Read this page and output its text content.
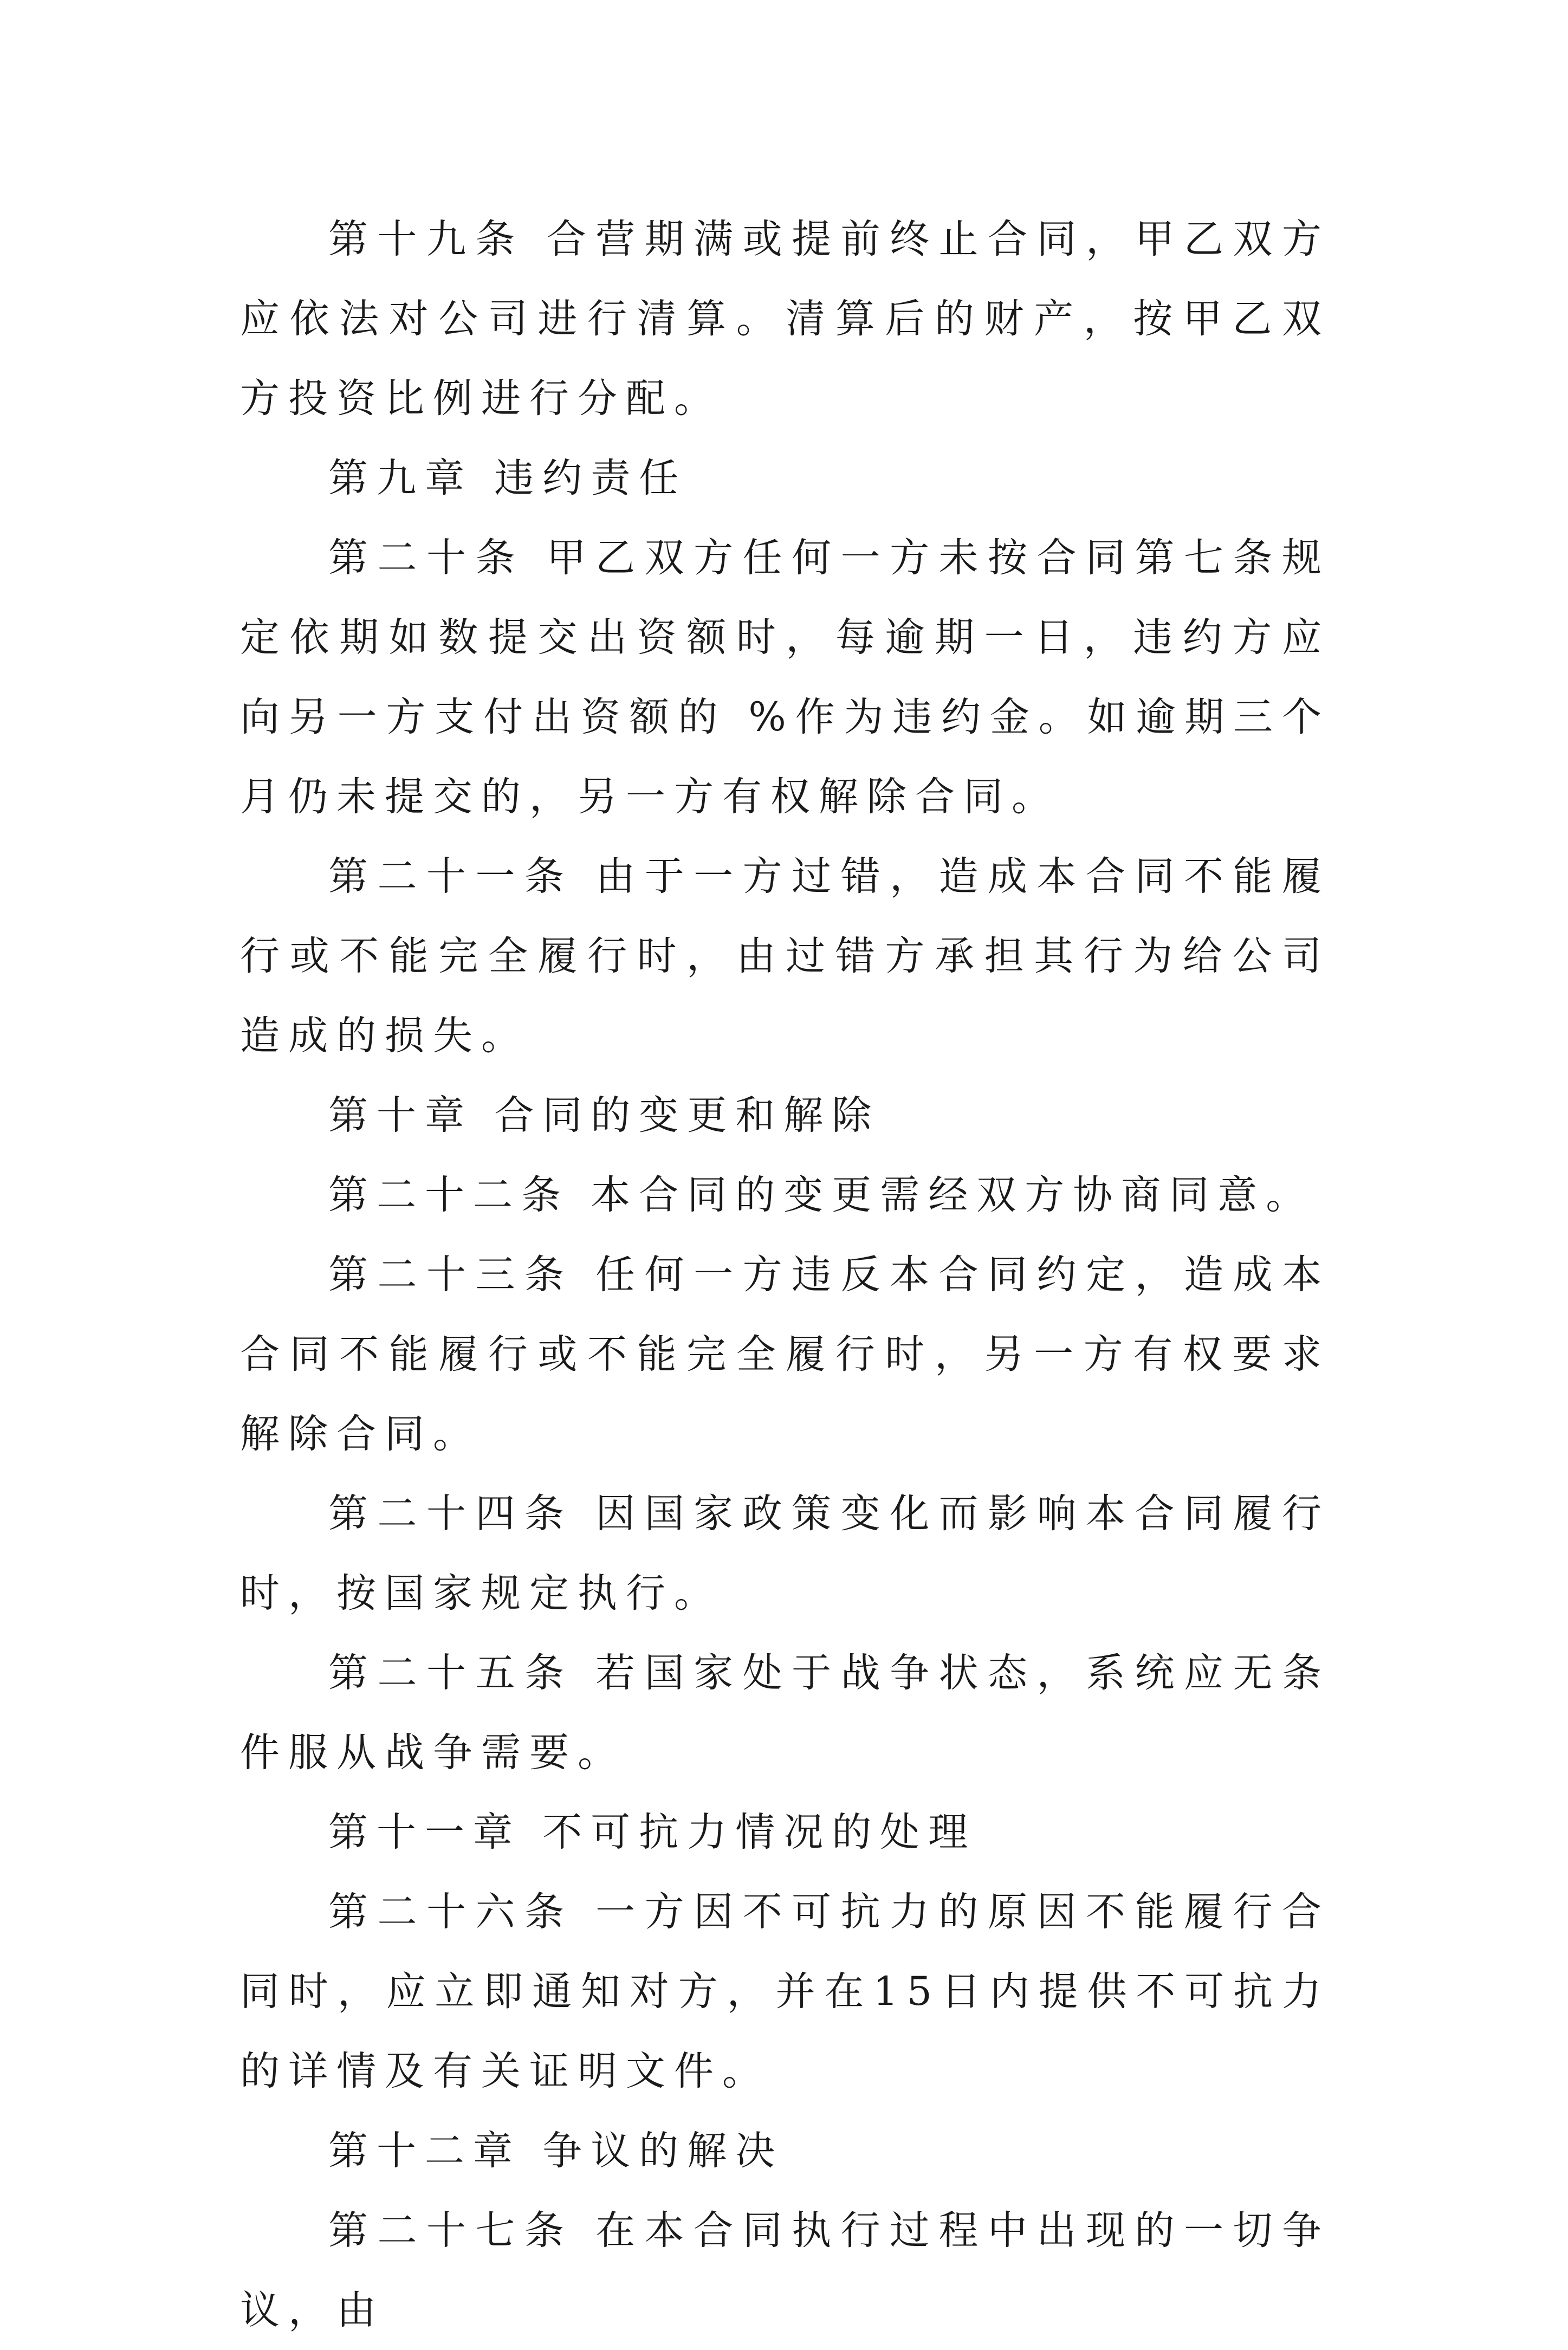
第十九条 合营期满或提前终止合同，甲乙双方应依法对公司进行清算。清算后的财产，按甲乙双方投资比例进行分配。

第九章 违约责任

第二十条 甲乙双方任何一方未按合同第七条规定依期如数提交出资额时，每逾期一日，违约方应向另一方支付出资额的 %作为违约金。如逾期三个月仍未提交的，另一方有权解除合同。

第二十一条 由于一方过错，造成本合同不能履行或不能完全履行时，由过错方承担其行为给公司造成的损失。

第十章 合同的变更和解除

第二十二条 本合同的变更需经双方协商同意。

第二十三条 任何一方违反本合同约定，造成本合同不能履行或不能完全履行时，另一方有权要求解除合同。

第二十四条 因国家政策变化而影响本合同履行时，按国家规定执行。

第二十五条 若国家处于战争状态，系统应无条件服从战争需要。

第十一章 不可抗力情况的处理

第二十六条 一方因不可抗力的原因不能履行合同时，应立即通知对方，并在15日内提供不可抗力的详情及有关证明文件。

第十二章 争议的解决

第二十七条 在本合同执行过程中出现的一切争议，由
